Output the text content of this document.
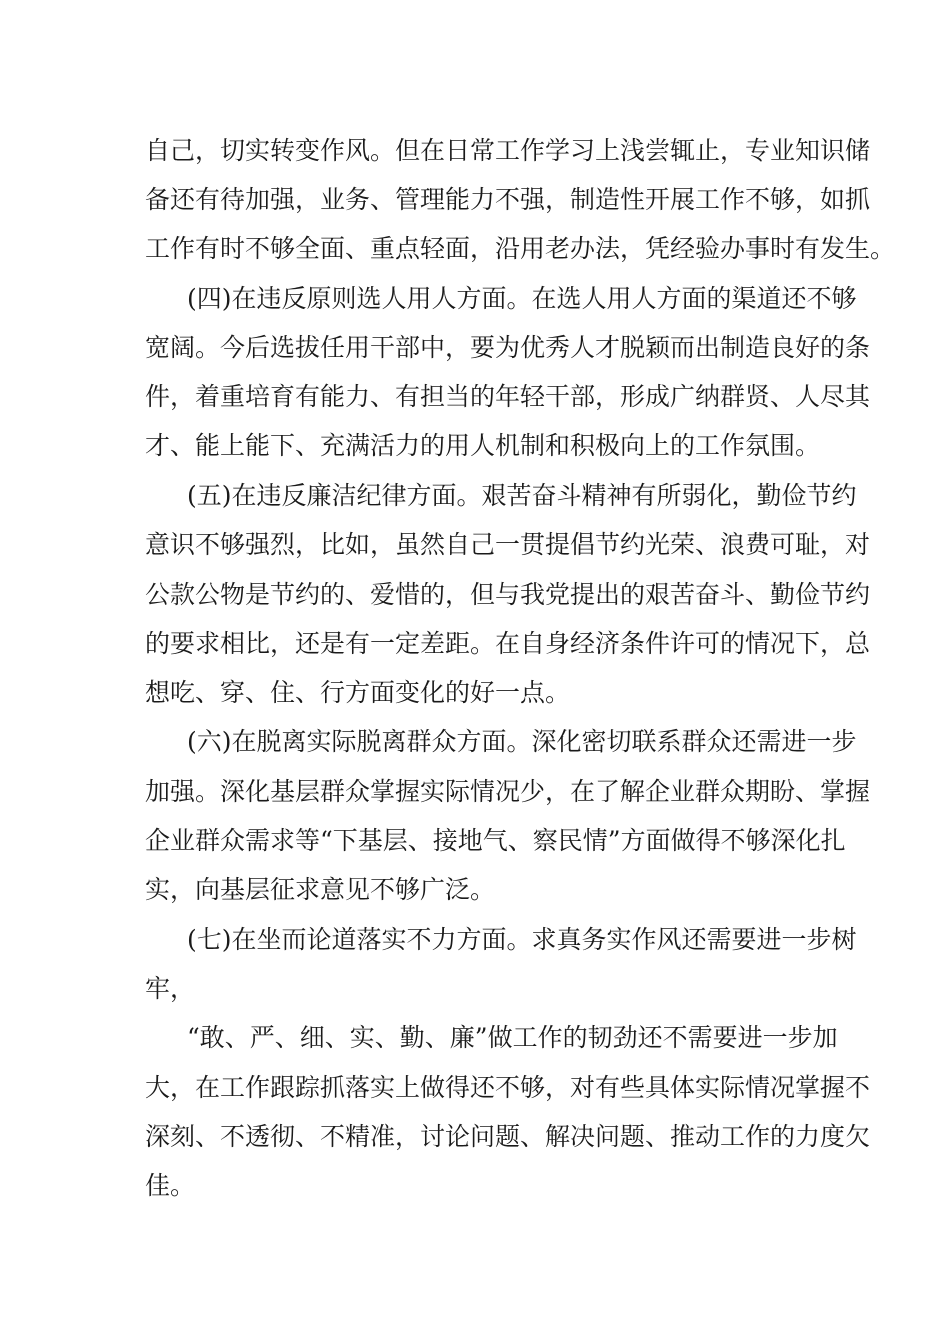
自己，切实转变作风。但在日常工作学习上浅尝辄止，专业知识储
备还有待加强，业务、管理能力不强，制造性开展工作不够，如抓
工作有时不够全面、重点轻面，沿用老办法，凭经验办事时有发生。
(四)在违反原则选人用人方面。在选人用人方面的渠道还不够
宽阔。今后选拔任用干部中，要为优秀人才脱颖而出制造良好的条
件，着重培育有能力、有担当的年轻干部，形成广纳群贤、人尽其
才、能上能下、充满活力的用人机制和积极向上的工作氛围。
(五)在违反廉洁纪律方面。艰苦奋斗精神有所弱化，勤俭节约
意识不够强烈，比如，虽然自己一贯提倡节约光荣、浪费可耻，对
公款公物是节约的、爱惜的，但与我党提出的艰苦奋斗、勤俭节约
的要求相比，还是有一定差距。在自身经济条件许可的情况下，总
想吃、穿、住、行方面变化的好一点。
(六)在脱离实际脱离群众方面。深化密切联系群众还需进一步
加强。深化基层群众掌握实际情况少，在了解企业群众期盼、掌握
企业群众需求等“下基层、接地气、察民情”方面做得不够深化扎
实，向基层征求意见不够广泛。
(七)在坐而论道落实不力方面。求真务实作风还需要进一步树
牢，
“敢、严、细、实、勤、廉”做工作的韧劲还不需要进一步加
大，在工作跟踪抓落实上做得还不够，对有些具体实际情况掌握不
深刻、不透彻、不精准，讨论问题、解决问题、推动工作的力度欠
佳。
